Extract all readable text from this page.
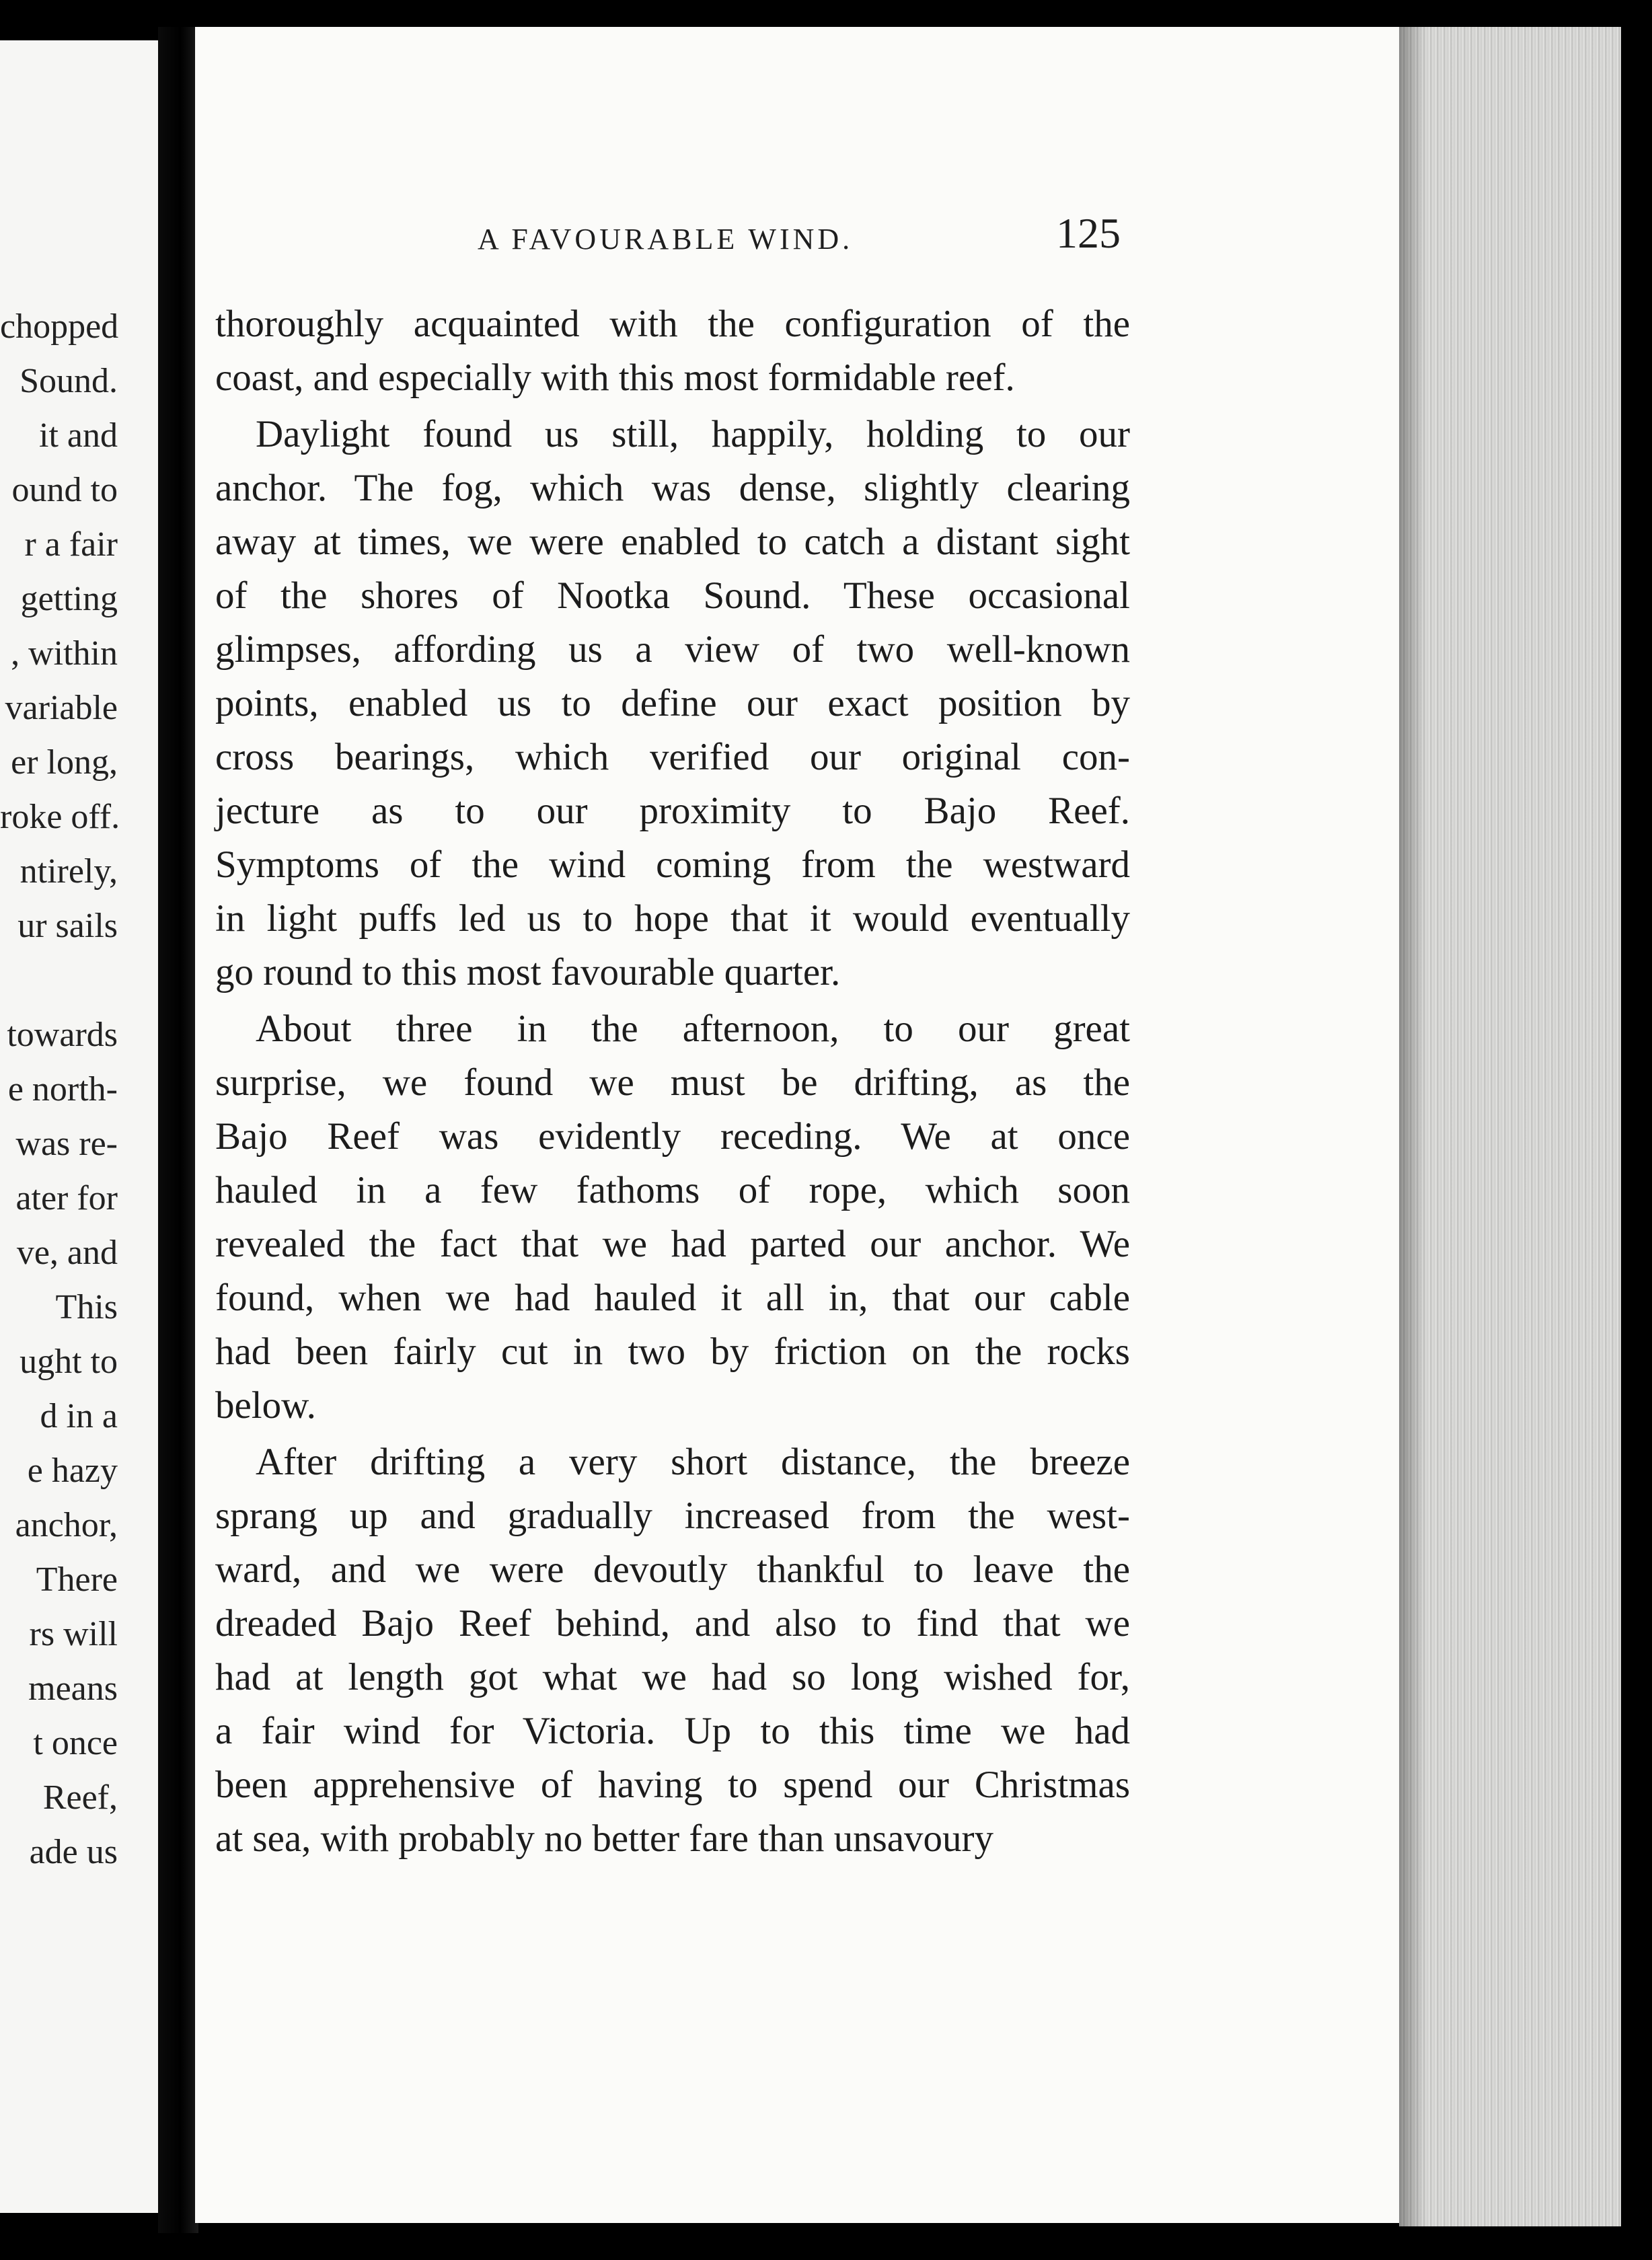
chopped
Sound.
it and
ound to
r a fair
getting
, within
variable
er long,
roke off.
ntirely,
ur sails
towards
e north-
was re-
ater for
ve, and
This
ught to
d in a
e hazy
anchor,
There
rs will
means
t once
Reef,
ade us
A FAVOURABLE WIND.	125
thoroughly acquainted with the configuration of the
coast, and especially with this most formidable reef.
Daylight found us still, happily, holding to our
anchor. The fog, which was dense, slightly clearing
away at times, we were enabled to catch a distant sight
of the shores of Nootka Sound. These occasional
glimpses, affording us a view of two well-known
points, enabled us to define our exact position by
cross bearings, which verified our original con-
jecture as to our proximity to Bajo Reef.
Symptoms of the wind coming from the westward
in light puffs led us to hope that it would eventually
go round to this most favourable quarter.
About three in the afternoon, to our great
surprise, we found we must be drifting, as the
Bajo Reef was evidently receding. We at once
hauled in a few fathoms of rope, which soon
revealed the fact that we had parted our anchor. We
found, when we had hauled it all in, that our cable
had been fairly cut in two by friction on the rocks
below.
After drifting a very short distance, the breeze
sprang up and gradually increased from the west-
ward, and we were devoutly thankful to leave the
dreaded Bajo Reef behind, and also to find that we
had at length got what we had so long wished for,
a fair wind for Victoria. Up to this time we had
been apprehensive of having to spend our Christmas
at sea, with probably no better fare than unsavoury
